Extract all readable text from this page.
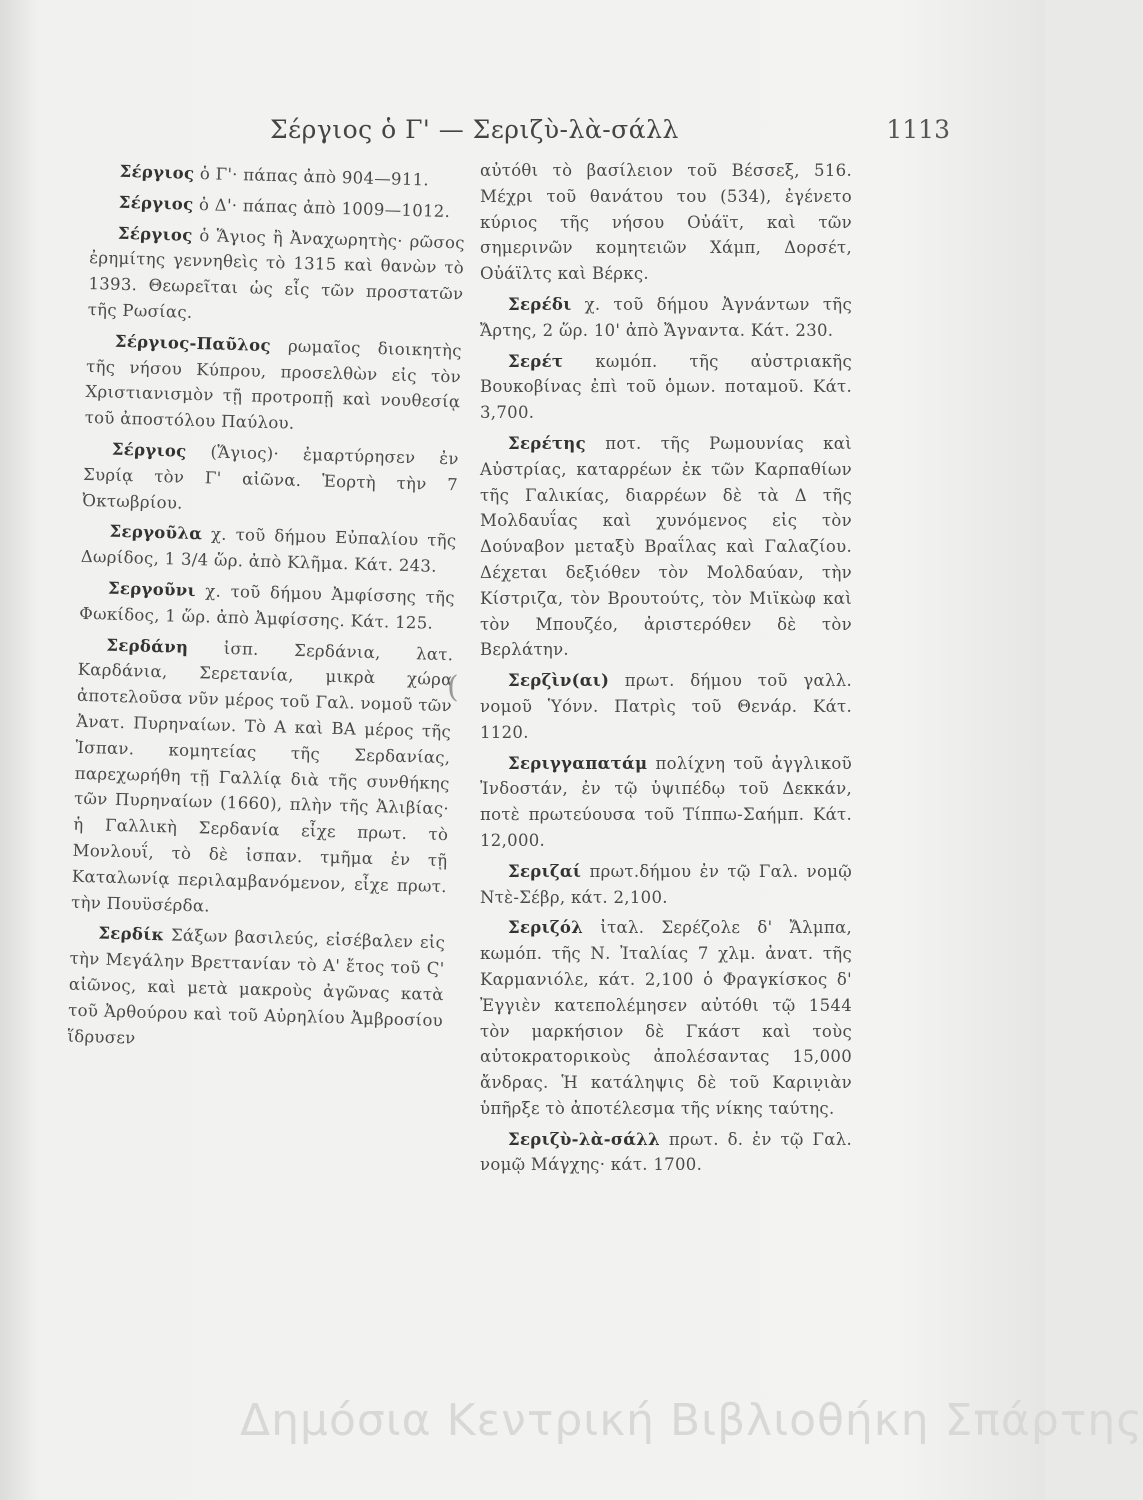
Σέργιος ὁ Γ' — Σεριζὺ-λὰ-σάλλ	1113

Σέργιος ὁ Γ'· πάπας ἀπὸ 904—911.

Σέργιος ὁ Δ'· πάπας ἀπὸ 1009—1012.

Σέργιος ὁ Ἅγιος ἢ Ἀναχωρητὴς· ρῶσος ἐρημίτης γεννηθεὶς τὸ 1315 καὶ θανὼν τὸ 1393. Θεωρεῖται ὡς εἷς τῶν προστατῶν τῆς Ρωσίας.

Σέργιος-Παῦλος ρωμαῖος διοικητὴς τῆς νήσου Κύπρου, προσελθὼν εἰς τὸν Χριστιανισμὸν τῇ προτροπῇ καὶ νουθεσίᾳ τοῦ ἀποστόλου Παύλου.

Σέργιος (Ἅγιος)· ἐμαρτύρησεν ἐν Συρίᾳ τὸν Γ' αἰῶνα. Ἑορτὴ τὴν 7 Ὀκτωβρίου.

Σεργοῦλα χ. τοῦ δήμου Εὐπαλίου τῆς Δωρίδος, 1 3/4 ὥρ. ἀπὸ Κλῆμα. Κάτ. 243.

Σεργοῦνι χ. τοῦ δήμου Ἀμφίσσης τῆς Φωκίδος, 1 ὥρ. ἀπὸ Ἀμφίσσης. Κάτ. 125.

Σερδάνη ἰσπ. Σερδάνια, λατ. Καρδάνια, Σερετανία, μικρὰ χώρα ἀποτελοῦσα νῦν μέρος τοῦ Γαλ. νομοῦ τῶν Ἀνατ. Πυρηναίων. Τὸ Α καὶ ΒΑ μέρος τῆς Ἱσπαν. κομητείας τῆς Σερδανίας, παρεχωρήθη τῇ Γαλλίᾳ διὰ τῆς συνθήκης τῶν Πυρηναίων (1660), πλὴν τῆς Ἀλιβίας· ἡ Γαλλικὴ Σερδανία εἶχε πρωτ. τὸ Μονλουΐ, τὸ δὲ ἰσπαν. τμῆμα ἐν τῇ Καταλωνίᾳ περιλαμβανόμενον, εἶχε πρωτ. τὴν Πουϋσέρδα.

Σερδίκ Σάξων βασιλεύς, εἰσέβαλεν εἰς τὴν Μεγάλην Βρεττανίαν τὸ Α' ἔτος τοῦ Ϛ' αἰῶνος, καὶ μετὰ μακροὺς ἀγῶνας κατὰ τοῦ Ἀρθούρου καὶ τοῦ Αὐρηλίου Ἀμβροσίου ἵδρυσεν

(

αὐτόθι τὸ βασίλειον τοῦ Βέσσεξ, 516. Μέχρι τοῦ θανάτου του (534), ἐγένετο κύριος τῆς νήσου Οὐάϊτ, καὶ τῶν σημερινῶν κομητειῶν Χάμπ, Δορσέτ, Οὐάϊλτς καὶ Βέρκς.

Σερέδι χ. τοῦ δήμου Ἀγνάντων τῆς Ἄρτης, 2 ὥρ. 10' ἀπὸ Ἄγναντα. Κάτ. 230.

Σερέτ κωμόπ. τῆς αὐστριακῆς Βουκοβίνας ἐπὶ τοῦ ὁμων. ποταμοῦ. Κάτ. 3,700.

Σερέτης ποτ. τῆς Ρωμουνίας καὶ Αὐστρίας, καταρρέων ἐκ τῶν Καρπαθίων τῆς Γαλικίας, διαρρέων δὲ τὰ Δ τῆς Μολδαυΐας καὶ χυνόμενος εἰς τὸν Δούναβον μεταξὺ Βραΐλας καὶ Γαλαζίου. Δέχεται δεξιόθεν τὸν Μολδαύαν, τὴν Κίστριζα, τὸν Βρουτούτς, τὸν Μιϊκὼφ καὶ τὸν Μπουζέο, ἀριστερόθεν δὲ τὸν Βερλάτην.

Σερζὶν(αι) πρωτ. δήμου τοῦ γαλλ. νομοῦ Ὑόνν. Πατρὶς τοῦ Θενάρ. Κάτ. 1120.

Σεριγγαπατάμ πολίχνη τοῦ ἀγγλικοῦ Ἰνδοστάν, ἐν τῷ ὑψιπέδῳ τοῦ Δεκκάν, ποτὲ πρωτεύουσα τοῦ Τίππω-Σαήμπ. Κάτ. 12,000.

Σεριζαί πρωτ.δήμου ἐν τῷ Γαλ. νομῷ Ντὲ-Σέβρ, κάτ. 2,100.

Σεριζόλ ἰταλ. Σερέζολε δ' Ἄλμπα, κωμόπ. τῆς Ν. Ἰταλίας 7 χλμ. ἀνατ. τῆς Καρμανιόλε, κάτ. 2,100 ὁ Φραγκίσκος δ' Ἐγγιὲν κατεπολέμησεν αὐτόθι τῷ 1544 τὸν μαρκήσιον δὲ Γκάστ καὶ τοὺς αὐτοκρατορικοὺς ἀπολέσαντας 15,000 ἄνδρας. Ἡ κατάληψις δὲ τοῦ Καριν̣ιὰν ὑπῆρξε τὸ ἀποτέλεσμα τῆς νίκης ταύτης.

Σεριζὺ-λὰ-σάλλ πρωτ. δ. ἐν τῷ Γαλ. νομῷ Μάγχης· κάτ. 1700.

Δημόσια Κεντρική Βιβλιοθήκη Σπάρτης
